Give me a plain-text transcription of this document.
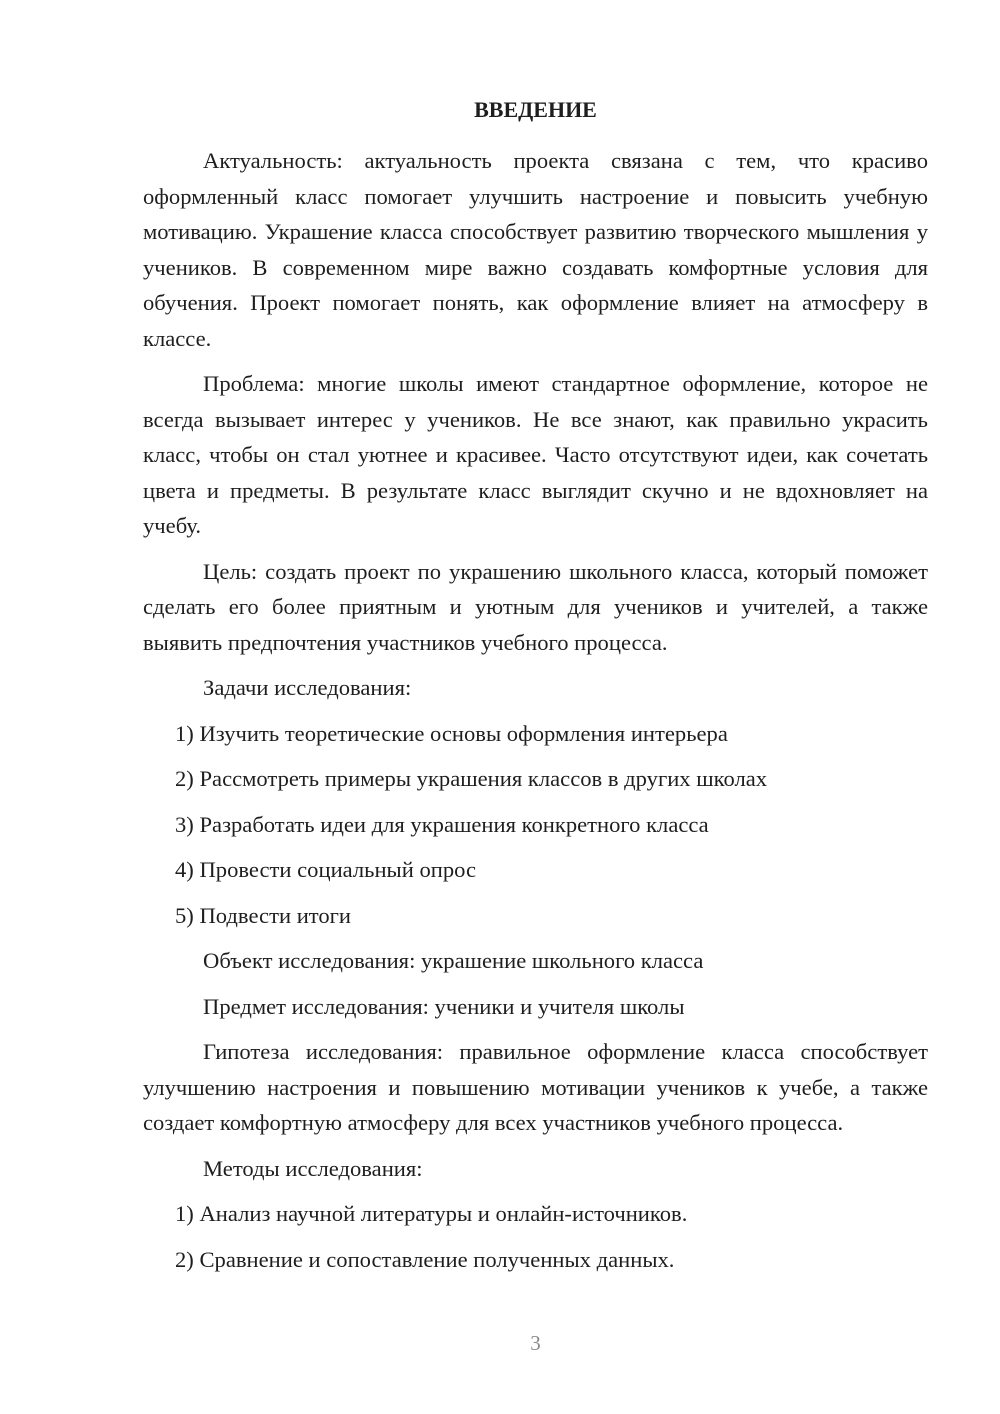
ВВЕДЕНИЕ

Актуальность: актуальность проекта связана с тем, что красиво оформленный класс помогает улучшить настроение и повысить учебную мотивацию. Украшение класса способствует развитию творческого мышления у учеников. В современном мире важно создавать комфортные условия для обучения. Проект помогает понять, как оформление влияет на атмосферу в классе.

Проблема: многие школы имеют стандартное оформление, которое не всегда вызывает интерес у учеников. Не все знают, как правильно украсить класс, чтобы он стал уютнее и красивее. Часто отсутствуют идеи, как сочетать цвета и предметы. В результате класс выглядит скучно и не вдохновляет на учебу.

Цель: создать проект по украшению школьного класса, который поможет сделать его более приятным и уютным для учеников и учителей, а также выявить предпочтения участников учебного процесса.

Задачи исследования:
1) Изучить теоретические основы оформления интерьера
2) Рассмотреть примеры украшения классов в других школах
3) Разработать идеи для украшения конкретного класса
4) Провести социальный опрос
5) Подвести итоги
Объект исследования: украшение школьного класса
Предмет исследования: ученики и учителя школы

Гипотеза исследования: правильное оформление класса способствует улучшению настроения и повышению мотивации учеников к учебе, а также создает комфортную атмосферу для всех участников учебного процесса.

Методы исследования:
1) Анализ научной литературы и онлайн-источников.
2) Сравнение и сопоставление полученных данных.
3
